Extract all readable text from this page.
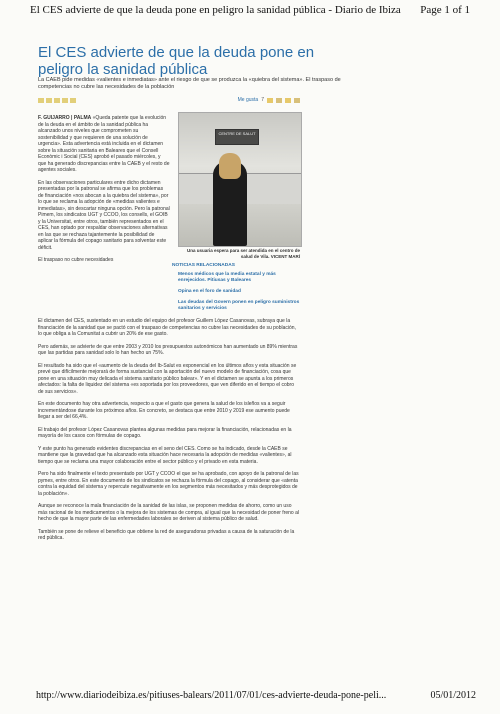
El CES advierte de que la deuda pone en peligro la sanidad pública - Diario de Ibiza Page 1 of 1
El CES advierte de que la deuda pone en peligro la sanidad pública
La CAEB pide medidas «valientes e inmediatas» ante el riesgo de que se produzca la «quiebra del sistema». El traspaso de competencias no cubre las necesidades de la población
Me gusta 7

F. GUIJARRO | PALMA «Queda patente que la evolución de la deuda en el ámbito de la sanidad pública ha alcanzado unos niveles que comprometen su sostenibilidad y que requieren de una solución de urgencia». Esta advertencia está incluida en el dictamen sobre la situación sanitaria en Baleares que el Consell Econòmic i Social (CES) aprobó el pasado miércoles, y que ha generado discrepancias entre la CAEB y el resto de agentes sociales.

En las observaciones particulares entre dicho dictamen presentadas por la patronal se afirma que los problemas de financiación «nos abocan a la quiebra del sistema», por lo que se reclama la adopción de «medidas valientes e inmediatas», sin descartar ninguna opción. Pero la patronal Pimem, los sindicatos UGT y CCOO, los consells, el GOIB y la Universitat, entre otros, también representados en el CES, han optado por respaldar observaciones alternativas en las que se rechaza tajantemente la posibilidad de aplicar la fórmula del copago sanitario para solventar este déficit.

El traspaso no cubre necesidades

CENTRE DE SALUT
Una usuaria espera para ser atendida en el centro de salud de Vila. VICENT MARÍ
NOTICIAS RELACIONADAS
Menos médicos que la media estatal y más enrejecidos. Pitiusas y Baleares
Opina en el foro de sanidad
Las deudas del Govern ponen en peligro suministros sanitarios y servicios

El dictamen del CES, sustentado en un estudio del equipo del profesor Guillem López Casanovas, subraya que la financiación de la sanidad que se pactó con el traspaso de competencias no cubre las necesidades de su población, lo que obliga a la Comunitat a cubrir un 20% de ese gasto.

Pero además, se advierte de que entre 2003 y 2010 los presupuestos autonómicos han aumentado un 89% mientras que las partidas para sanidad solo lo han hecho un 75%.

El resultado ha sido que el «aumento de la deuda del Ib-Salut es exponencial en los últimos años y esta situación se prevé que difícilmente mejorará de forma sustancial con la aportación del nuevo modelo de financiación, cosa que pone en una situación muy delicada el sistema sanitario público balear». Y en el dictamen se apunta a los primeros afectados: la falta de liquidez del sistema «es soportada por los proveedores, que ven diferido en el tiempo el cobro de sus servicios».

En este documento hay otra advertencia, respecto a que el gasto que genera la salud de los isleños va a seguir incrementándose durante los próximos años. En concreto, se destaca que entre 2010 y 2019 ese aumento puede llegar a ser del 66,4%.

El trabajo del profesor López Casanovas plantea algunas medidas para mejorar la financiación, relacionadas en la mayoría de los casos con fórmulas de copago.

Y este punto ha generado evidentes discrepancias en el seno del CES. Como se ha indicado, desde la CAEB se mantiene que la gravedad que ha alcanzado esta situación hace necesaria la adopción de medidas «valientes», al tiempo que se reclama una mayor colaboración entre el sector público y el privado en esta materia.

Pero ha sido finalmente el texto presentado por UGT y CCOO el que se ha aprobado, con apoyo de la patronal de las pymes, entre otros. En este documento de los sindicatos se rechaza la fórmula del copago, al considerar que «atenta contra la equidad del sistema y repercute negativamente en los segmentos más necesitados y más desprotegidos de la población».

Aunque se reconoce la mala financiación de la sanidad de las islas, se proponen medidas de ahorro, como un uso más racional de los medicamentos o la mejora de los sistemas de compra, al igual que la necesidad de poner freno al hecho de que la mayor parte de las enfermedades laborales se deriven al sistema público de salud.

También se pone de relieve el beneficio que obtiene la red de aseguradoras privadas a causa de la saturación de la red pública.

http://www.diariodeibiza.es/pitiuses-balears/2011/07/01/ces-advierte-deuda-pone-peli...	05/01/2012
